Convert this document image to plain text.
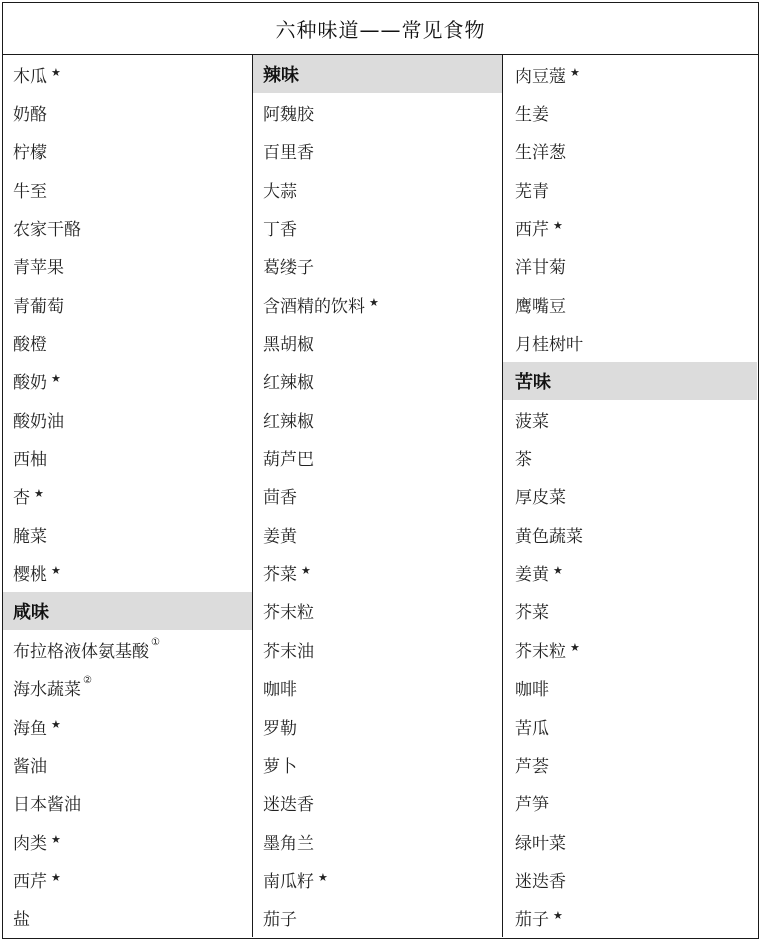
六种味道——常见食物
木瓜 ★
奶酪
柠檬
牛至
农家干酪
青苹果
青葡萄
酸橙
酸奶 ★
酸奶油
西柚
杏 ★
腌菜
樱桃 ★
咸味
布拉格液体氨基酸 ①
海水蔬菜 ②
海鱼 ★
酱油
日本酱油
肉类 ★
西芹 ★
盐
辣味
阿魏胶
百里香
大蒜
丁香
葛缕子
含酒精的饮料 ★
黑胡椒
红辣椒
红辣椒
葫芦巴
茴香
姜黄
芥菜 ★
芥末粒
芥末油
咖啡
罗勒
萝卜
迷迭香
墨角兰
南瓜籽 ★
茄子
肉豆蔻 ★
生姜
生洋葱
芜青
西芹 ★
洋甘菊
鹰嘴豆
月桂树叶
苦味
菠菜
茶
厚皮菜
黄色蔬菜
姜黄 ★
芥菜
芥末粒 ★
咖啡
苦瓜
芦荟
芦笋
绿叶菜
迷迭香
茄子 ★
